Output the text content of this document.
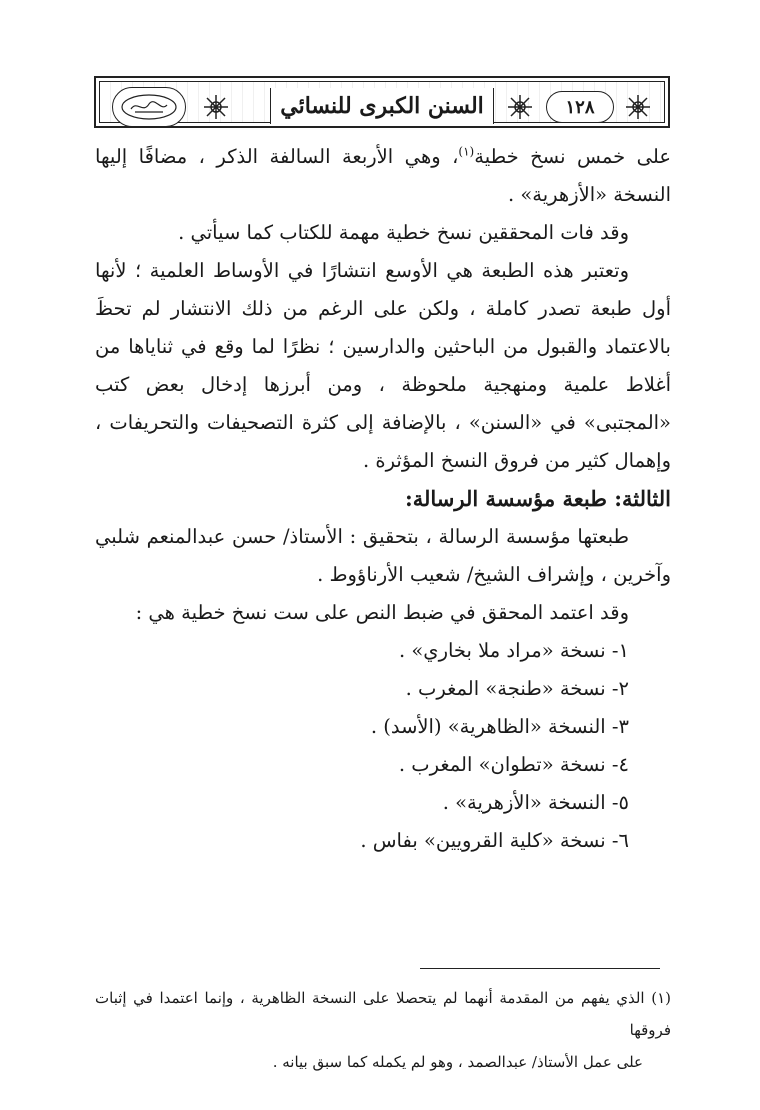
١٢٨
السنن الكبرى للنسائي

على خمس نسخ خطية$^{(١)}$، وهي الأربعة السالفة الذكر ، مضافًا إليها النسخة «الأزهرية» .

وقد فات المحققين نسخ خطية مهمة للكتاب كما سيأتي .

وتعتبر هذه الطبعة هي الأوسع انتشارًا في الأوساط العلمية ؛ لأنها أول طبعة تصدر كاملة ، ولكن على الرغم من ذلك الانتشار لم تحظَ بالاعتماد والقبول من الباحثين والدارسين ؛ نظرًا لما وقع في ثناياها من أغلاط علمية ومنهجية ملحوظة ، ومن أبرزها إدخال بعض كتب «المجتبى» في «السنن» ، بالإضافة إلى كثرة التصحيفات والتحريفات ، وإهمال كثير من فروق النسخ المؤثرة .

الثالثة: طبعة مؤسسة الرسالة:

طبعتها مؤسسة الرسالة ، بتحقيق : الأستاذ/ حسن عبدالمنعم شلبي وآخرين ، وإشراف الشيخ/ شعيب الأرناؤوط .

وقد اعتمد المحقق في ضبط النص على ست نسخ خطية هي :

١- نسخة «مراد ملا بخاري» .

٢- نسخة «طنجة» المغرب .

٣- النسخة «الظاهرية» (الأسد) .

٤- نسخة «تطوان» المغرب .

٥- النسخة «الأزهرية» .

٦- نسخة «كلية القرويين» بفاس .

(١) الذي يفهم من المقدمة أنهما لم يتحصلا على النسخة الظاهرية ، وإنما اعتمدا في إثبات فروقها

على عمل الأستاذ/ عبدالصمد ، وهو لم يكمله كما سبق بيانه .
